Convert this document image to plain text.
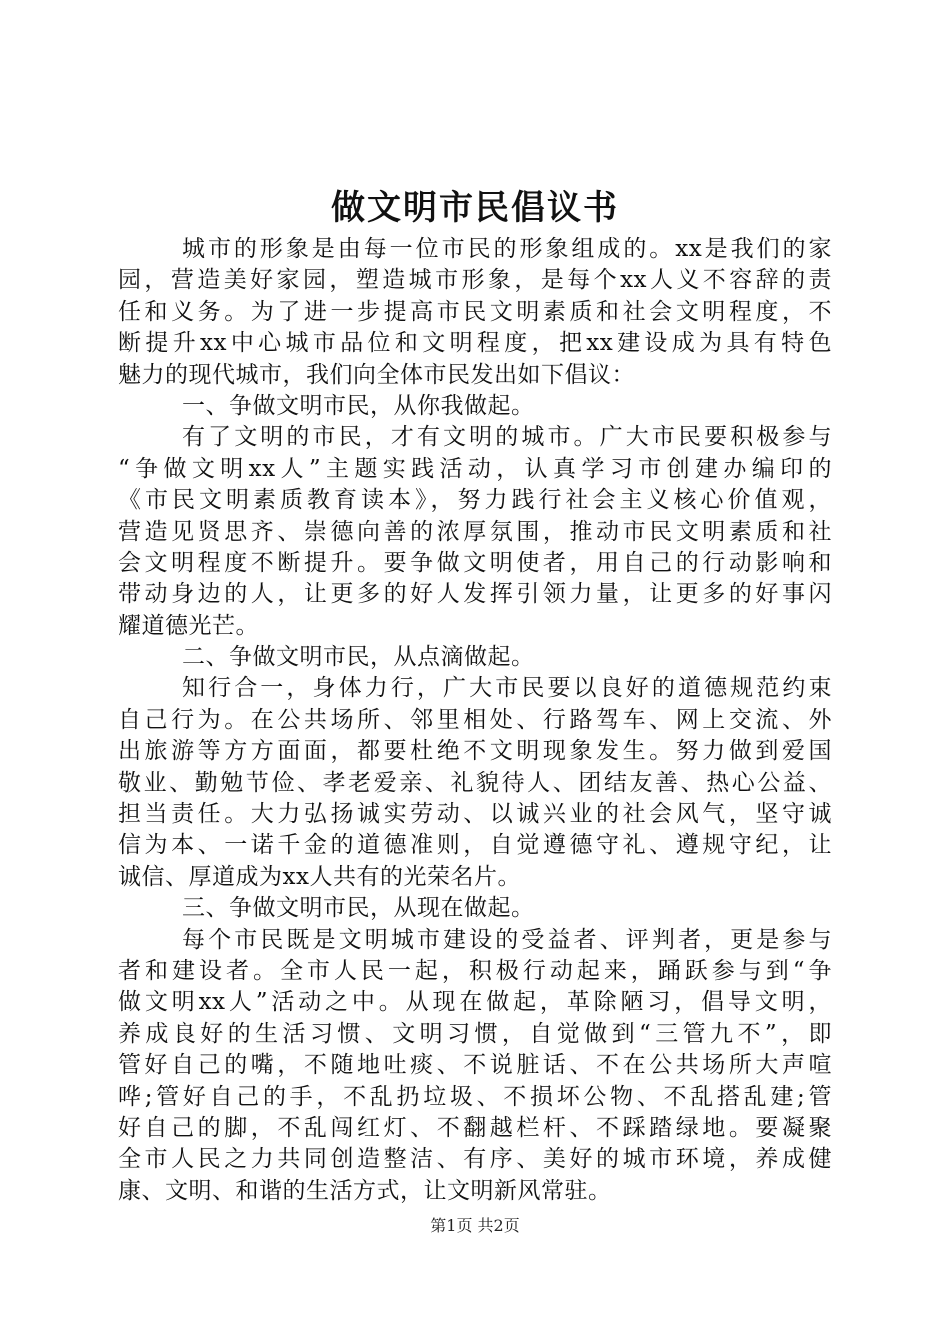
做文明市民倡议书
城市的形象是由每一位市民的形象组成的。xx是我们的家
园，营造美好家园，塑造城市形象，是每个xx人义不容辞的责
任和义务。为了进一步提高市民文明素质和社会文明程度，不
断提升xx中心城市品位和文明程度，把xx建设成为具有特色
魅力的现代城市，我们向全体市民发出如下倡议：
一、争做文明市民，从你我做起。
有了文明的市民，才有文明的城市。广大市民要积极参与
“争做文明xx人”主题实践活动，认真学习市创建办编印的
《市民文明素质教育读本》，努力践行社会主义核心价值观，
营造见贤思齐、崇德向善的浓厚氛围，推动市民文明素质和社
会文明程度不断提升。要争做文明使者，用自己的行动影响和
带动身边的人，让更多的好人发挥引领力量，让更多的好事闪
耀道德光芒。
二、争做文明市民，从点滴做起。
知行合一，身体力行，广大市民要以良好的道德规范约束
自己行为。在公共场所、邻里相处、行路驾车、网上交流、外
出旅游等方方面面，都要杜绝不文明现象发生。努力做到爱国
敬业、勤勉节俭、孝老爱亲、礼貌待人、团结友善、热心公益、
担当责任。大力弘扬诚实劳动、以诚兴业的社会风气，坚守诚
信为本、一诺千金的道德准则，自觉遵德守礼、遵规守纪，让
诚信、厚道成为xx人共有的光荣名片。
三、争做文明市民，从现在做起。
每个市民既是文明城市建设的受益者、评判者，更是参与
者和建设者。全市人民一起，积极行动起来，踊跃参与到“争
做文明xx人”活动之中。从现在做起，革除陋习，倡导文明，
养成良好的生活习惯、文明习惯，自觉做到“三管九不”，即
管好自己的嘴，不随地吐痰、不说脏话、不在公共场所大声喧
哗;管好自己的手，不乱扔垃圾、不损坏公物、不乱搭乱建;管
好自己的脚，不乱闯红灯、不翻越栏杆、不踩踏绿地。要凝聚
全市人民之力共同创造整洁、有序、美好的城市环境，养成健
康、文明、和谐的生活方式，让文明新风常驻。
第1页 共2页
